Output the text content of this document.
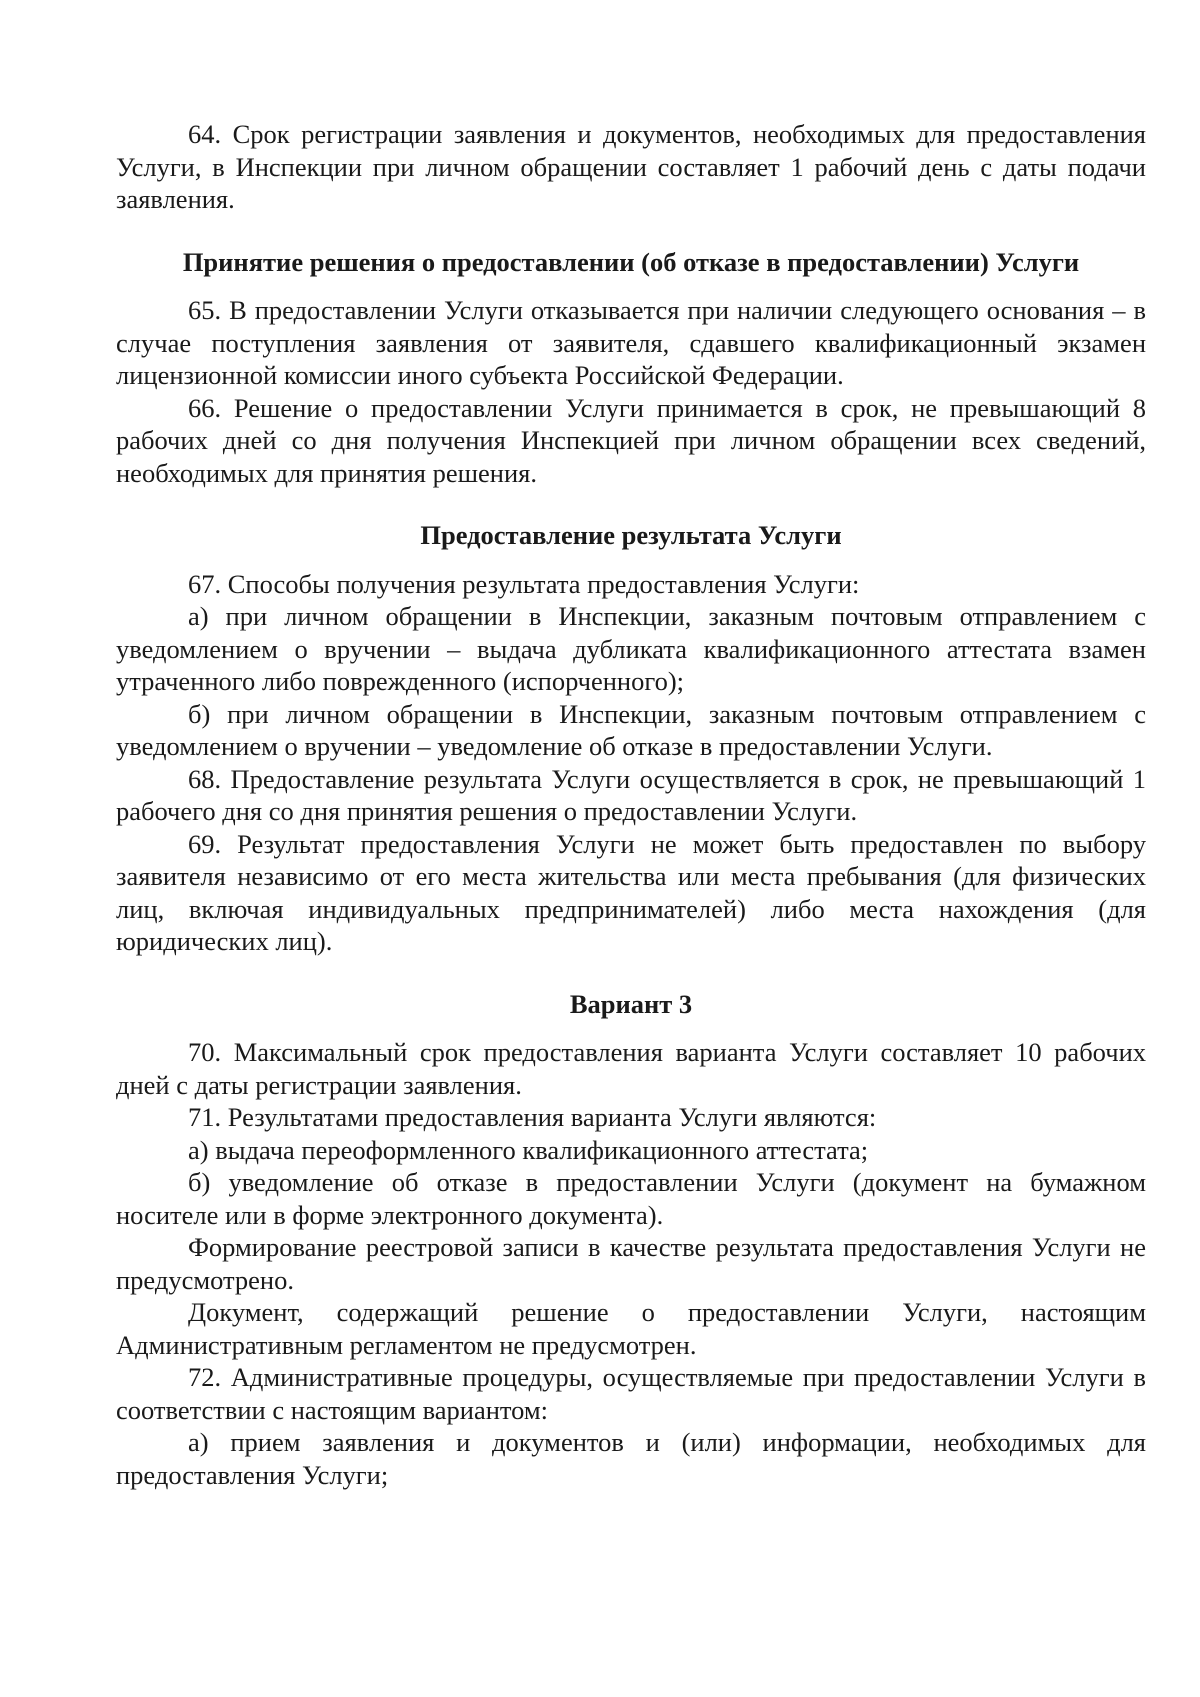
64. Срок регистрации заявления и документов, необходимых для предоставления Услуги, в Инспекции при личном обращении составляет 1 рабочий день с даты подачи заявления.

Принятие решения о предоставлении (об отказе в предоставлении) Услуги

65. В предоставлении Услуги отказывается при наличии следующего основания – в случае поступления заявления от заявителя, сдавшего квалификационный экзамен лицензионной комиссии иного субъекта Российской Федерации.

66. Решение о предоставлении Услуги принимается в срок, не превышающий 8 рабочих дней со дня получения Инспекцией при личном обращении всех сведений, необходимых для принятия решения.

Предоставление результата Услуги

67. Способы получения результата предоставления Услуги:

а) при личном обращении в Инспекции, заказным почтовым отправлением с уведомлением о вручении – выдача дубликата квалификационного аттестата взамен утраченного либо поврежденного (испорченного);

б) при личном обращении в Инспекции, заказным почтовым отправлением с уведомлением о вручении – уведомление об отказе в предоставлении Услуги.

68. Предоставление результата Услуги осуществляется в срок, не превышающий 1 рабочего дня со дня принятия решения о предоставлении Услуги.

69. Результат предоставления Услуги не может быть предоставлен по выбору заявителя независимо от его места жительства или места пребывания (для физических лиц, включая индивидуальных предпринимателей) либо места нахождения (для юридических лиц).

Вариант 3

70. Максимальный срок предоставления варианта Услуги составляет 10 рабочих дней с даты регистрации заявления.

71. Результатами предоставления варианта Услуги являются:

а) выдача переоформленного квалификационного аттестата;

б) уведомление об отказе в предоставлении Услуги (документ на бумажном носителе или в форме электронного документа).

Формирование реестровой записи в качестве результата предоставления Услуги не предусмотрено.

Документ, содержащий решение о предоставлении Услуги, настоящим Административным регламентом не предусмотрен.

72. Административные процедуры, осуществляемые при предоставлении Услуги в соответствии с настоящим вариантом:

а) прием заявления и документов и (или) информации, необходимых для предоставления Услуги;
